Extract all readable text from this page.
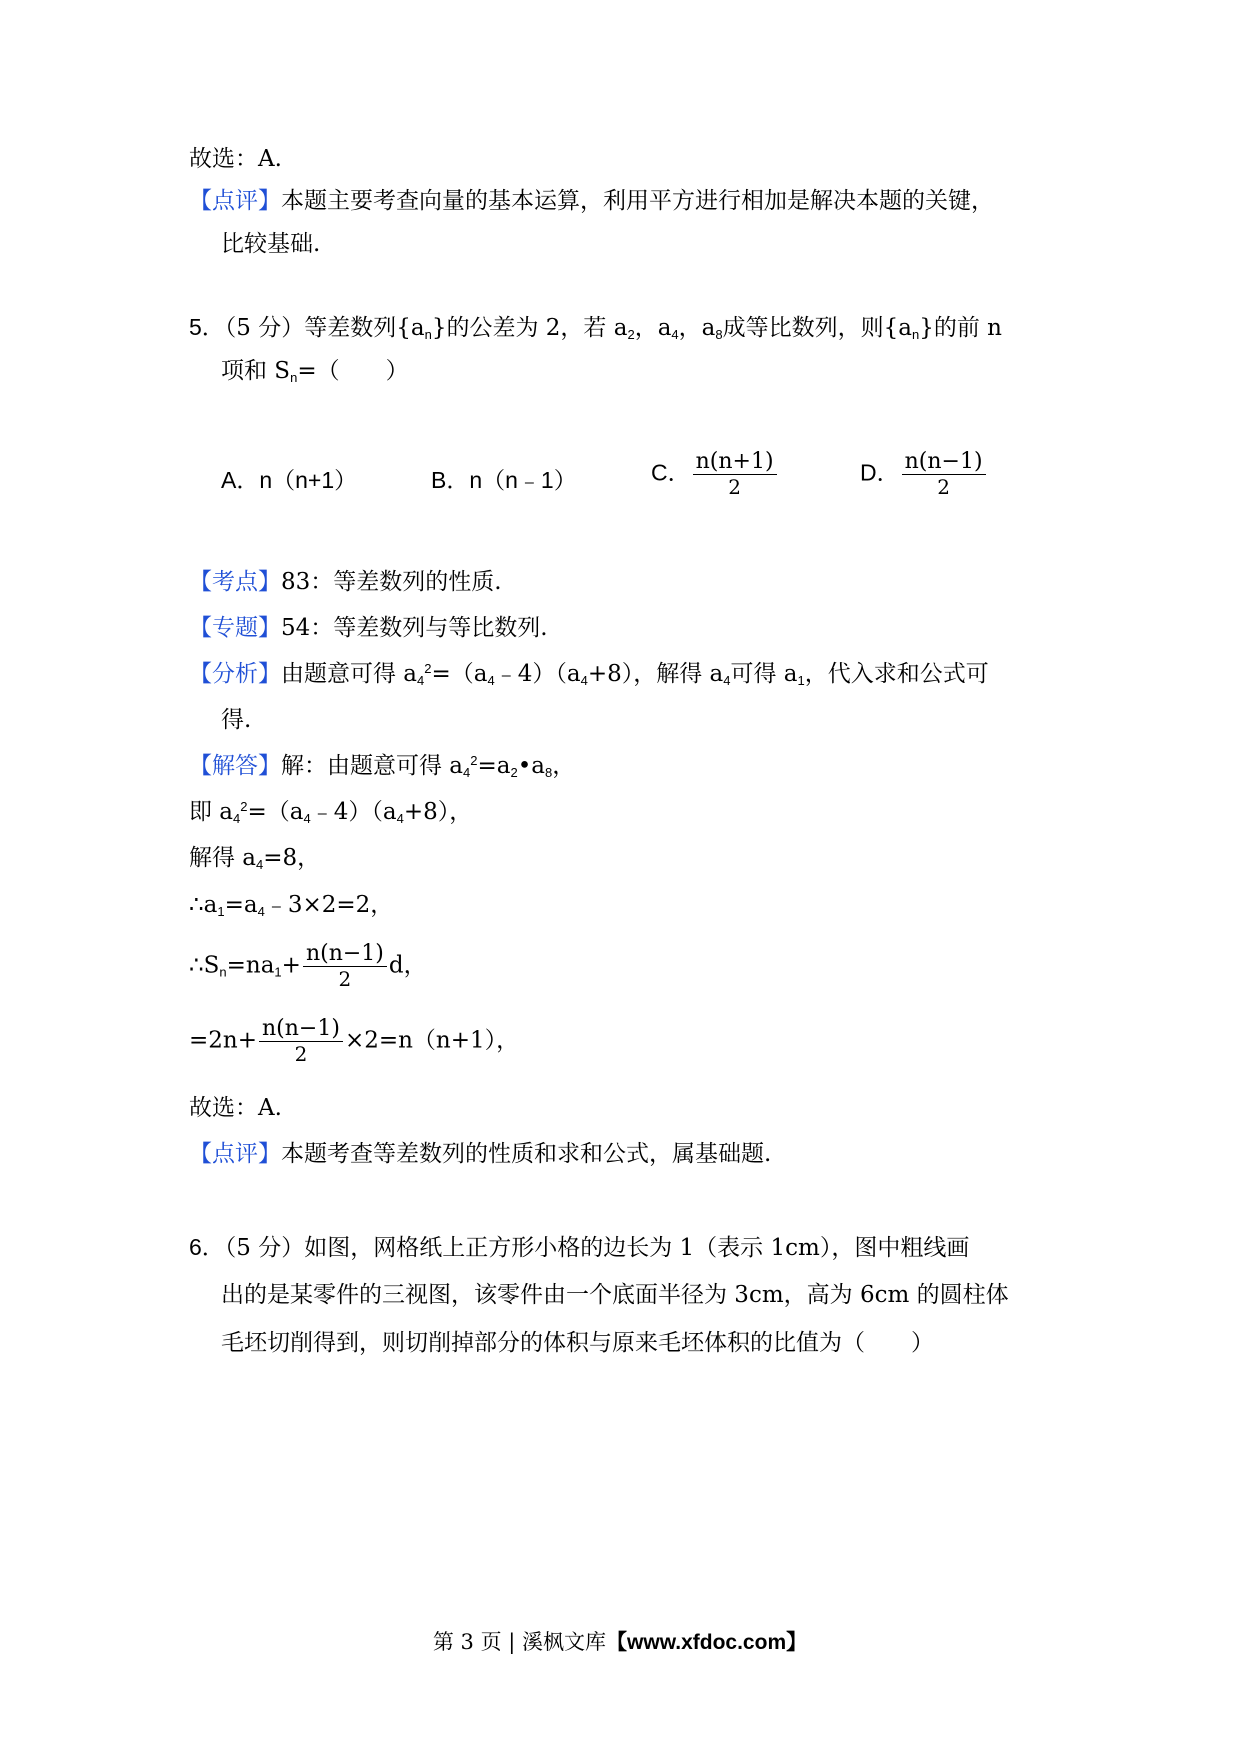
故选：A.
【点评】本题主要考查向量的基本运算，利用平方进行相加是解决本题的关键，
比较基础.
5．（5 分）等差数列$\{a_n\}$的公差为 2，若 $a_2$，$a_4$，$a_8$成等比数列，则$\{a_n\}$的前 n
项和 $S_n=$（　　）
A．n（n+1）	B．n（n﹣1）	C． $\frac{n(n+1)}{2}$	D． $\frac{n(n-1)}{2}$
【考点】83：等差数列的性质.
【专题】54：等差数列与等比数列.
【分析】由题意可得 $a_4^2=(a_4﹣4)(a_4+8)$，解得 $a_4$可得 $a_1$，代入求和公式可
得.
【解答】解：由题意可得 $a_4^2=a_2•a_8$，
即 $a_4^2=(a_4﹣4)(a_4+8)$，
解得 $a_4=8$，
$\therefore a_1=a_4﹣3\times 2=2$，
$\therefore S_n=na_1+ \frac{n(n-1)}{2}$ d，
$=2n+ \frac{n(n-1)}{2} \times 2=n(n+1)$，
故选：A.
【点评】本题考查等差数列的性质和求和公式，属基础题.
6．（5 分）如图，网格纸上正方形小格的边长为 1（表示 1cm），图中粗线画
出的是某零件的三视图，该零件由一个底面半径为 3cm，高为 6cm 的圆柱体
毛坯切削得到，则切削掉部分的体积与原来毛坯体积的比值为（　　）
第 3 页 | 溪枫文库【www.xfdoc.com】
